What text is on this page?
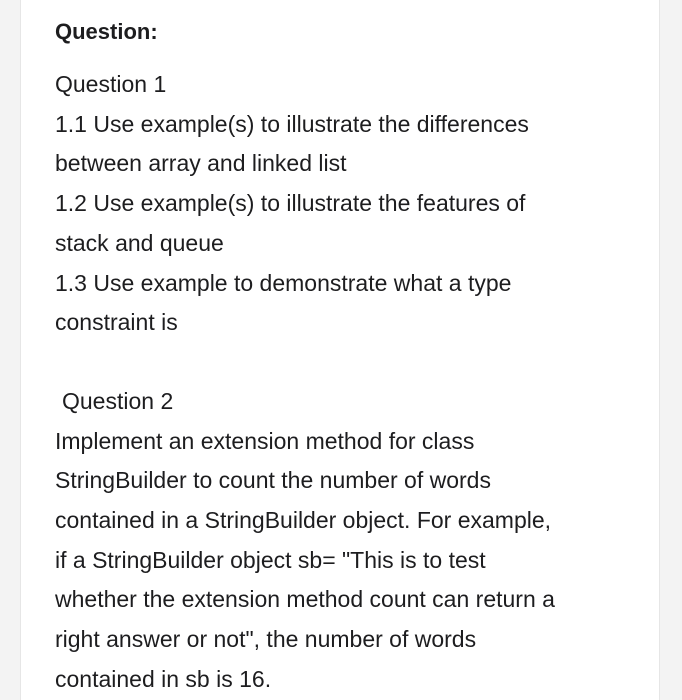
Question:
Question 1
1.1 Use example(s) to illustrate the differences
between array and linked list
1.2 Use example(s) to illustrate the features of
stack and queue
1.3 Use example to demonstrate what a type
constraint is
Question 2
Implement an extension method for class
StringBuilder to count the number of words
contained in a StringBuilder object. For example,
if a StringBuilder object sb= "This is to test
whether the extension method count can return a
right answer or not", the number of words
contained in sb is 16.
